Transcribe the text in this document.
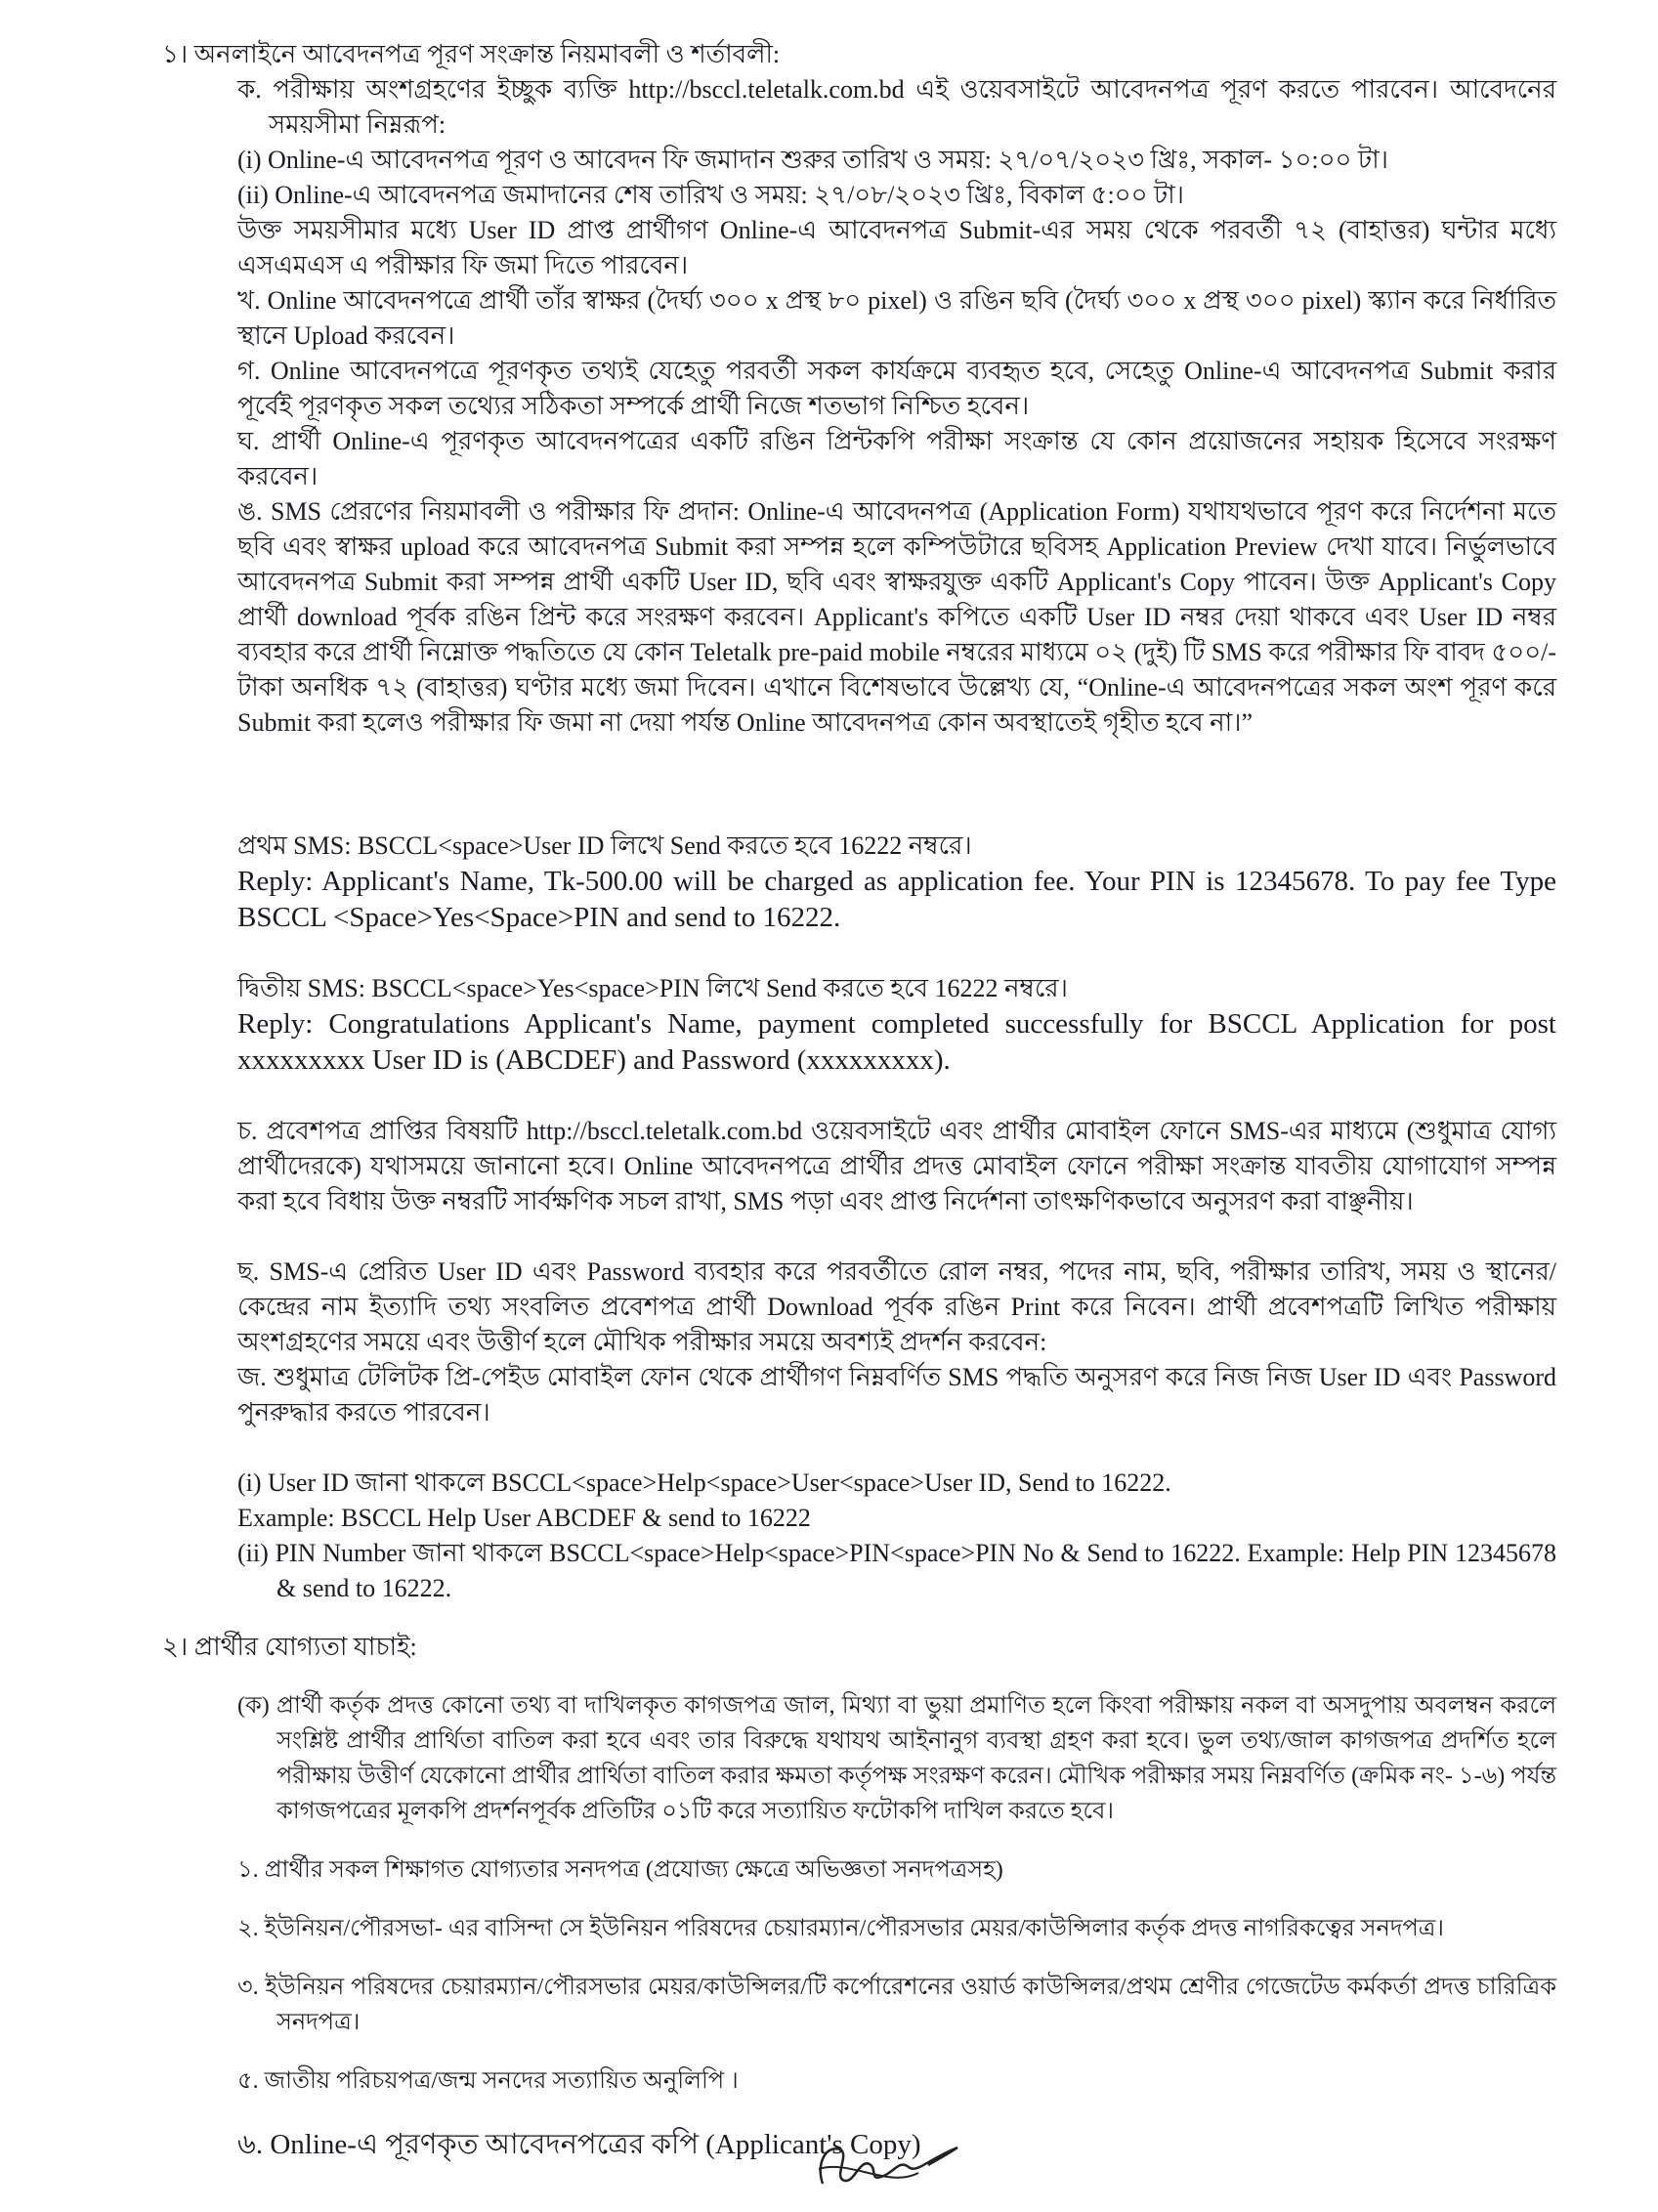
১। অনলাইনে আবেদনপত্র পূরণ সংক্রান্ত নিয়মাবলী ও শর্তাবলী:

ক. পরীক্ষায় অংশগ্রহণের ইচ্ছুক ব্যক্তি http://bsccl.teletalk.com.bd এই ওয়েবসাইটে আবেদনপত্র পূরণ করতে পারবেন। আবেদনের সময়সীমা নিম্নরূপ:

(i) Online-এ আবেদনপত্র পূরণ ও আবেদন ফি জমাদান শুরুর তারিখ ও সময়: ২৭/০৭/২০২৩ খ্রিঃ, সকাল- ১০:০০ টা।

(ii) Online-এ আবেদনপত্র জমাদানের শেষ তারিখ ও সময়: ২৭/০৮/২০২৩ খ্রিঃ, বিকাল ৫:০০ টা।

উক্ত সময়সীমার মধ্যে User ID প্রাপ্ত প্রার্থীগণ Online-এ আবেদনপত্র Submit-এর সময় থেকে পরবর্তী ৭২ (বাহাত্তর) ঘন্টার মধ্যে এসএমএস এ পরীক্ষার ফি জমা দিতে পারবেন।

খ. Online আবেদনপত্রে প্রার্থী তাঁর স্বাক্ষর (দৈর্ঘ্য ৩০০ x প্রস্থ ৮০ pixel) ও রঙিন ছবি (দৈর্ঘ্য ৩০০ x প্রস্থ ৩০০ pixel) স্ক্যান করে নির্ধারিত স্থানে Upload করবেন।

গ. Online আবেদনপত্রে পূরণকৃত তথ্যই যেহেতু পরবর্তী সকল কার্যক্রমে ব্যবহৃত হবে, সেহেতু Online-এ আবেদনপত্র Submit করার পূর্বেই পূরণকৃত সকল তথ্যের সঠিকতা সম্পর্কে প্রার্থী নিজে শতভাগ নিশ্চিত হবেন।

ঘ. প্রার্থী Online-এ পূরণকৃত আবেদনপত্রের একটি রঙিন প্রিন্টকপি পরীক্ষা সংক্রান্ত যে কোন প্রয়োজনের সহায়ক হিসেবে সংরক্ষণ করবেন।

ঙ. SMS প্রেরণের নিয়মাবলী ও পরীক্ষার ফি প্রদান: Online-এ আবেদনপত্র (Application Form) যথাযথভাবে পূরণ করে নির্দেশনা মতে ছবি এবং স্বাক্ষর upload করে আবেদনপত্র Submit করা সম্পন্ন হলে কম্পিউটারে ছবিসহ Application Preview দেখা যাবে। নির্ভুলভাবে আবেদনপত্র Submit করা সম্পন্ন প্রার্থী একটি User ID, ছবি এবং স্বাক্ষরযুক্ত একটি Applicant's Copy পাবেন। উক্ত Applicant's Copy প্রার্থী download পূর্বক রঙিন প্রিন্ট করে সংরক্ষণ করবেন। Applicant's কপিতে একটি User ID নম্বর দেয়া থাকবে এবং User ID নম্বর ব্যবহার করে প্রার্থী নিম্নোক্ত পদ্ধতিতে যে কোন Teletalk pre-paid mobile নম্বরের মাধ্যমে ০২ (দুই) টি SMS করে পরীক্ষার ফি বাবদ ৫০০/- টাকা অনধিক ৭২ (বাহাত্তর) ঘণ্টার মধ্যে জমা দিবেন। এখানে বিশেষভাবে উল্লেখ্য যে, “Online-এ আবেদনপত্রের সকল অংশ পূরণ করে Submit করা হলেও পরীক্ষার ফি জমা না দেয়া পর্যন্ত Online আবেদনপত্র কোন অবস্থাতেই গৃহীত হবে না।”

প্রথম SMS: BSCCL<space>User ID লিখে Send করতে হবে 16222 নম্বরে।

Reply: Applicant's Name, Tk-500.00 will be charged as application fee. Your PIN is 12345678. To pay fee Type BSCCL <Space>Yes<Space>PIN and send to 16222.

দ্বিতীয় SMS: BSCCL<space>Yes<space>PIN লিখে Send করতে হবে 16222 নম্বরে।

Reply: Congratulations Applicant's Name, payment completed successfully for BSCCL Application for post xxxxxxxxx User ID is (ABCDEF) and Password (xxxxxxxxx).

চ. প্রবেশপত্র প্রাপ্তির বিষয়টি http://bsccl.teletalk.com.bd ওয়েবসাইটে এবং প্রার্থীর মোবাইল ফোনে SMS-এর মাধ্যমে (শুধুমাত্র যোগ্য প্রার্থীদেরকে) যথাসময়ে জানানো হবে। Online আবেদনপত্রে প্রার্থীর প্রদত্ত মোবাইল ফোনে পরীক্ষা সংক্রান্ত যাবতীয় যোগাযোগ সম্পন্ন করা হবে বিধায় উক্ত নম্বরটি সার্বক্ষণিক সচল রাখা, SMS পড়া এবং প্রাপ্ত নির্দেশনা তাৎক্ষণিকভাবে অনুসরণ করা বাঞ্ছনীয়।

ছ. SMS-এ প্রেরিত User ID এবং Password ব্যবহার করে পরবর্তীতে রোল নম্বর, পদের নাম, ছবি, পরীক্ষার তারিখ, সময় ও স্থানের/কেন্দ্রের নাম ইত্যাদি তথ্য সংবলিত প্রবেশপত্র প্রার্থী Download পূর্বক রঙিন Print করে নিবেন। প্রার্থী প্রবেশপত্রটি লিখিত পরীক্ষায় অংশগ্রহণের সময়ে এবং উত্তীর্ণ হলে মৌখিক পরীক্ষার সময়ে অবশ্যই প্রদর্শন করবেন:

জ. শুধুমাত্র টেলিটক প্রি-পেইড মোবাইল ফোন থেকে প্রার্থীগণ নিম্নবর্ণিত SMS পদ্ধতি অনুসরণ করে নিজ নিজ User ID এবং Password পুনরুদ্ধার করতে পারবেন।

(i) User ID জানা থাকলে BSCCL<space>Help<space>User<space>User ID, Send to 16222.

Example: BSCCL Help User ABCDEF & send to 16222

(ii) PIN Number জানা থাকলে BSCCL<space>Help<space>PIN<space>PIN No & Send to 16222. Example: Help PIN 12345678 & send to 16222.

২। প্রার্থীর যোগ্যতা যাচাই:

(ক) প্রার্থী কর্তৃক প্রদত্ত কোনো তথ্য বা দাখিলকৃত কাগজপত্র জাল, মিথ্যা বা ভুয়া প্রমাণিত হলে কিংবা পরীক্ষায় নকল বা অসদুপায় অবলম্বন করলে সংশ্লিষ্ট প্রার্থীর প্রার্থিতা বাতিল করা হবে এবং তার বিরুদ্ধে যথাযথ আইনানুগ ব্যবস্থা গ্রহণ করা হবে। ভুল তথ্য/জাল কাগজপত্র প্রদর্শিত হলে পরীক্ষায় উত্তীর্ণ যেকোনো প্রার্থীর প্রার্থিতা বাতিল করার ক্ষমতা কর্তৃপক্ষ সংরক্ষণ করেন। মৌখিক পরীক্ষার সময় নিম্নবর্ণিত (ক্রমিক নং- ১-৬) পর্যন্ত কাগজপত্রের মূলকপি প্রদর্শনপূর্বক প্রতিটির ০১টি করে সত্যায়িত ফটোকপি দাখিল করতে হবে।

১. প্রার্থীর সকল শিক্ষাগত যোগ্যতার সনদপত্র (প্রযোজ্য ক্ষেত্রে অভিজ্ঞতা সনদপত্রসহ)

২. ইউনিয়ন/পৌরসভা- এর বাসিন্দা সে ইউনিয়ন পরিষদের চেয়ারম্যান/পৌরসভার মেয়র/কাউন্সিলার কর্তৃক প্রদত্ত নাগরিকত্বের সনদপত্র।

৩. ইউনিয়ন পরিষদের চেয়ারম্যান/পৌরসভার মেয়র/কাউন্সিলর/টি কর্পোরেশনের ওয়ার্ড কাউন্সিলর/প্রথম শ্রেণীর গেজেটেড কর্মকর্তা প্রদত্ত চারিত্রিক সনদপত্র।

৫. জাতীয় পরিচয়পত্র/জন্ম সনদের সত্যায়িত অনুলিপি ।

৬. Online-এ পূরণকৃত আবেদনপত্রের কপি (Applicant's Copy)
